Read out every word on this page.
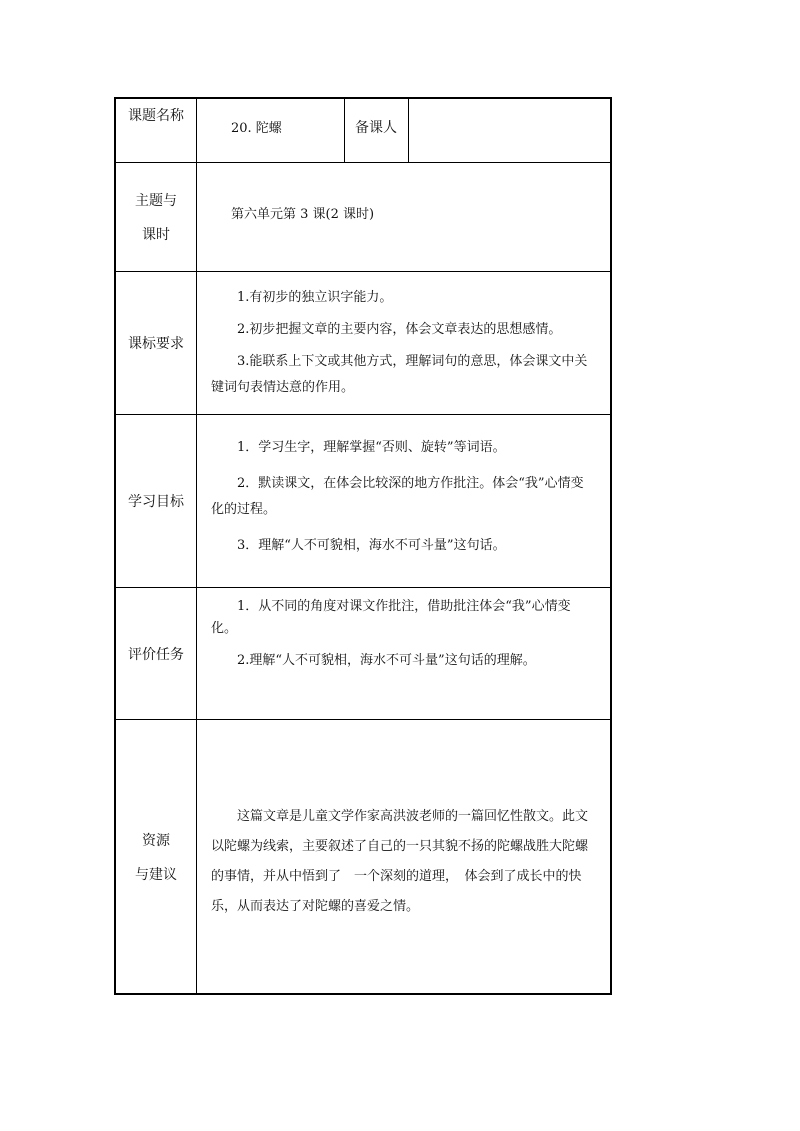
课题名称
20. 陀螺	备课人
主题与
课时
第六单元第 3 课(2 课时)
课标要求

1.有初步的独立识字能力。

2.初步把握文章的主要内容，体会文章表达的思想感情。

3.能联系上下文或其他方式，理解词句的意思，体会课文中关键词句表情达意的作用。

学习目标

1．学习生字，理解掌握“否则、旋转”等词语。

2．默读课文，在体会比较深的地方作批注。体会“我”心情变化的过程。

3．理解“人不可貌相，海水不可斗量”这句话。

评价任务

1．从不同的角度对课文作批注，借助批注体会“我”心情变化。

2.理解“人不可貌相，海水不可斗量”这句话的理解。

资源
与建议

这篇文章是儿童文学作家高洪波老师的一篇回忆性散文。此文以陀螺为线索，主要叙述了自己的一只其貌不扬的陀螺战胜大陀螺的事情，并从中悟到了　一个深刻的道理，　体会到了成长中的快乐，从而表达了对陀螺的喜爱之情。
